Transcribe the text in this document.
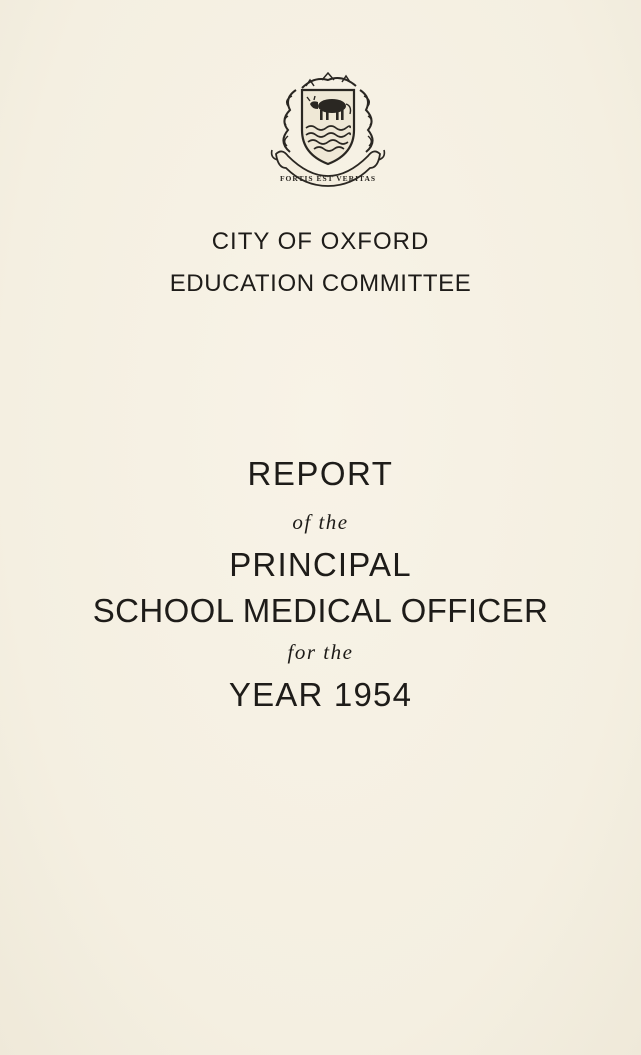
FORTIS EST VERITAS
CITY OF OXFORD
EDUCATION COMMITTEE
REPORT
of the
PRINCIPAL
SCHOOL MEDICAL OFFICER
for the
YEAR 1954
